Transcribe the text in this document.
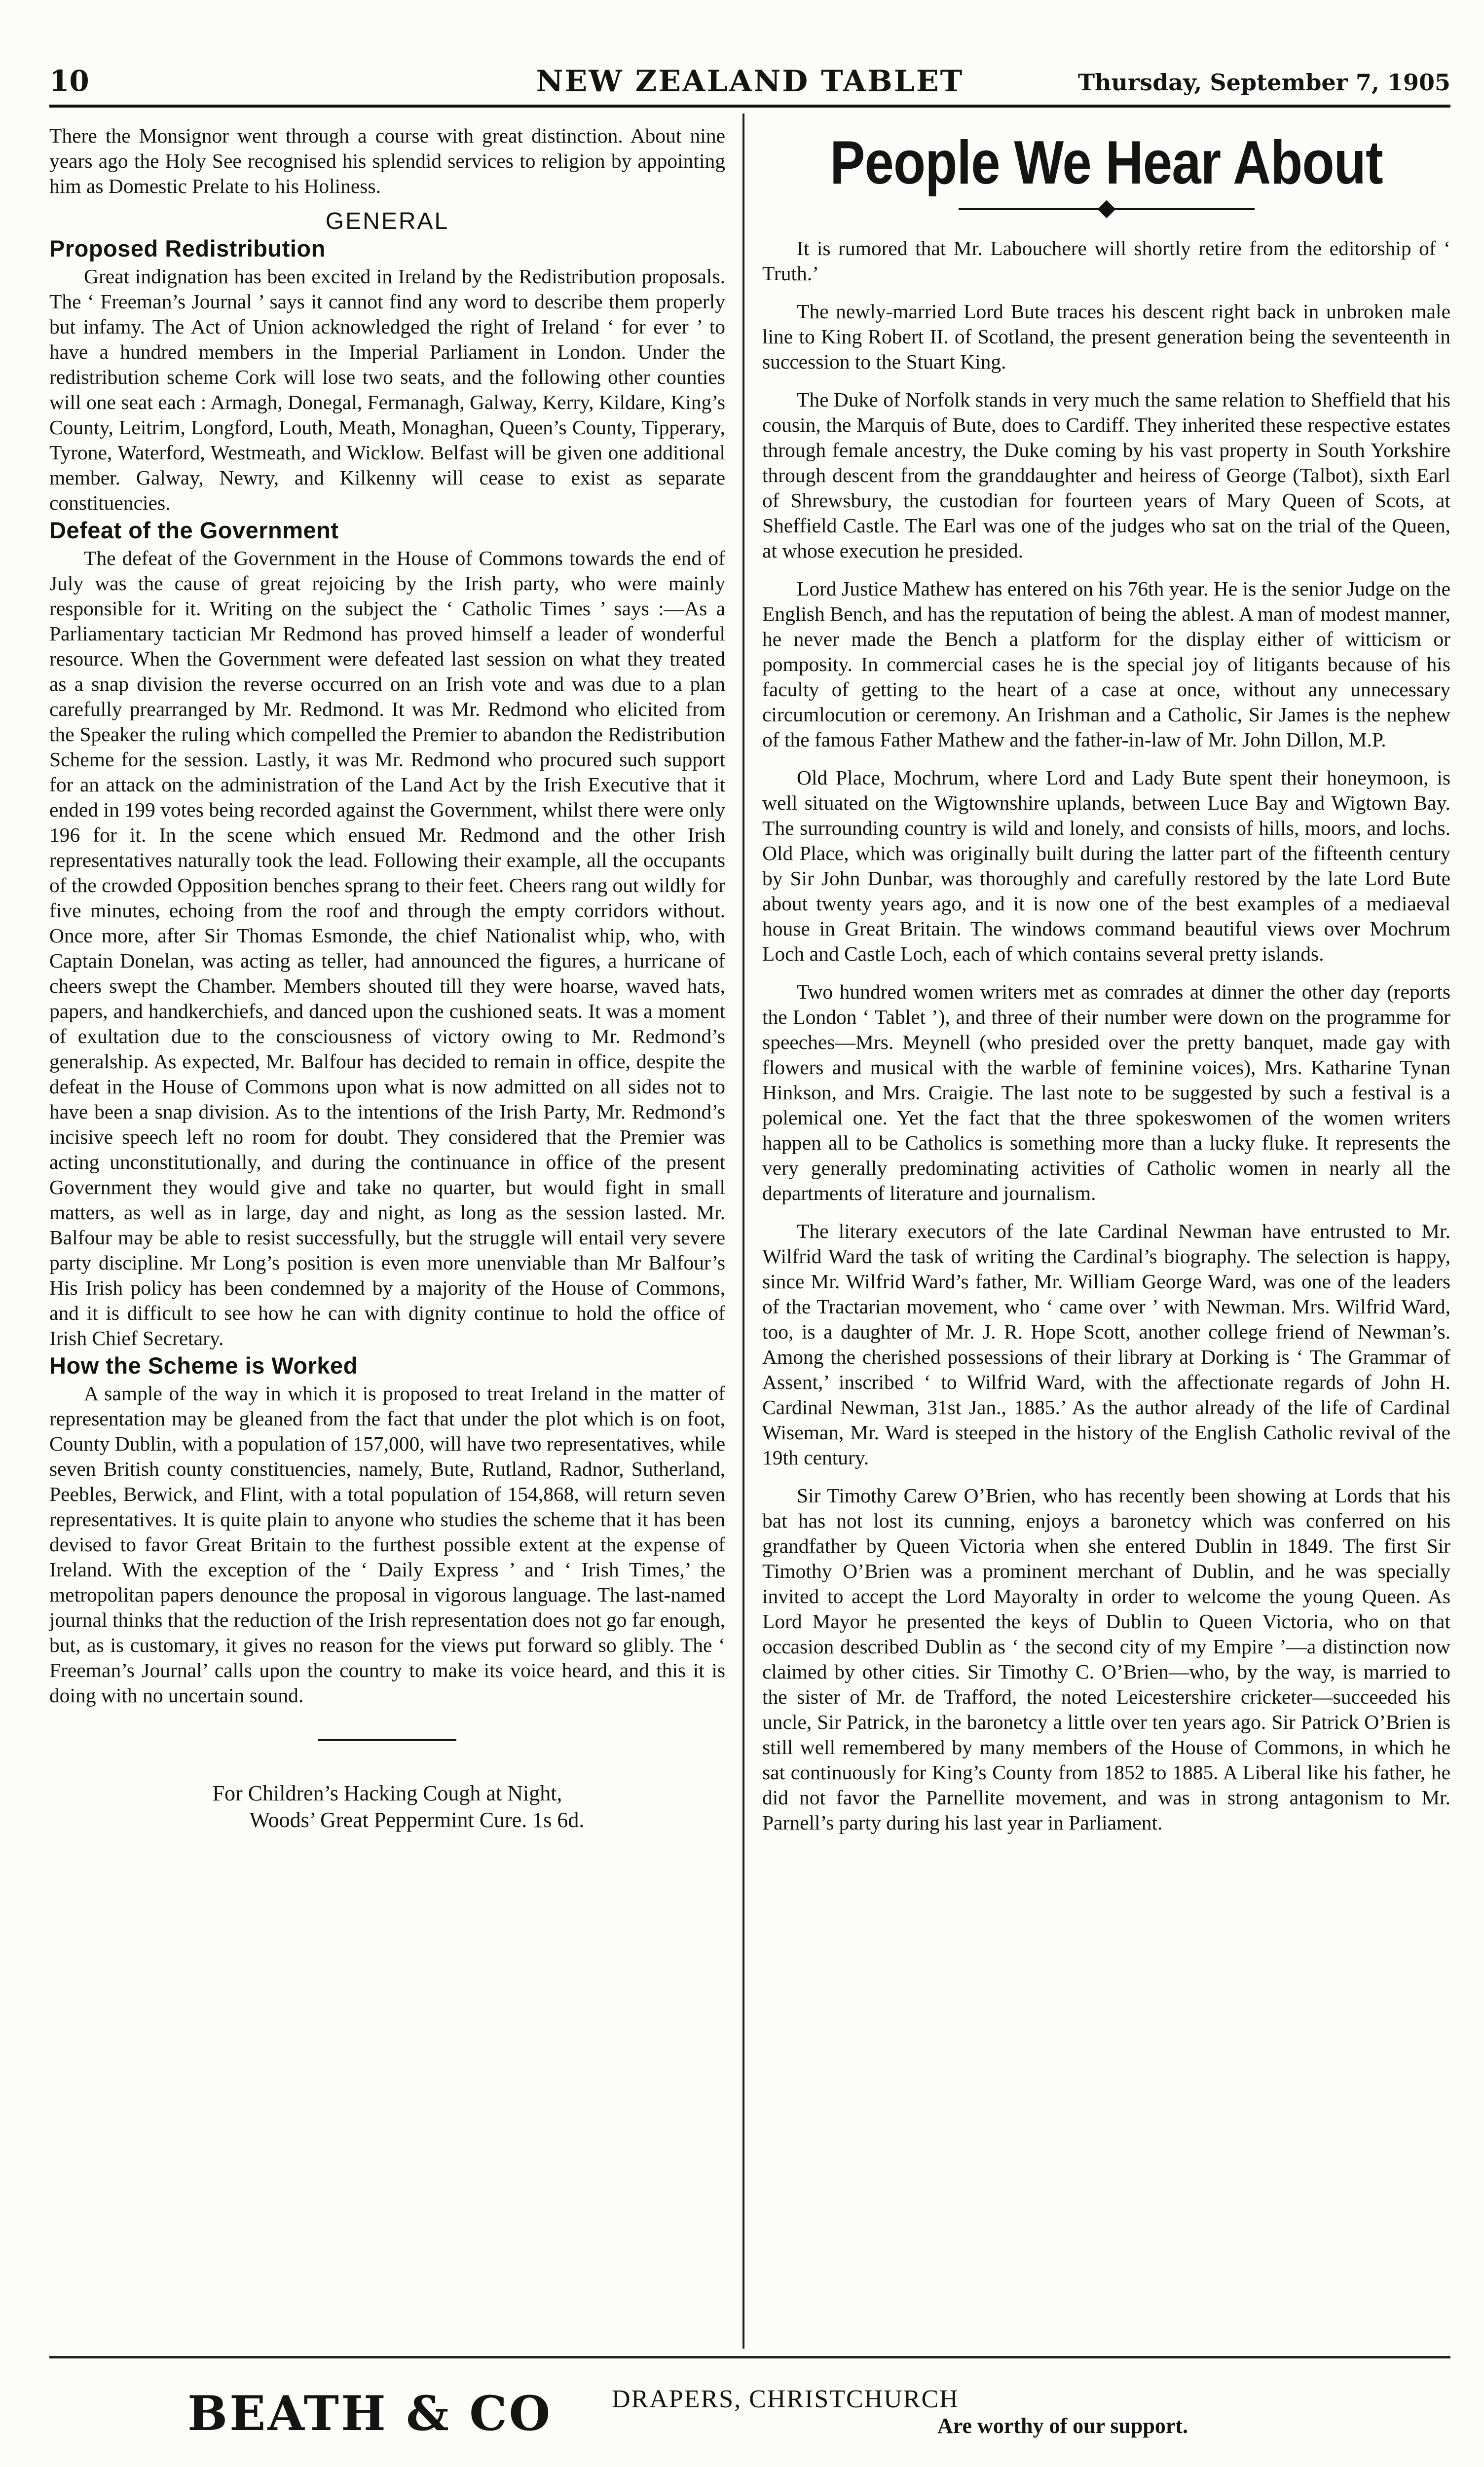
10	NEW ZEALAND TABLET	Thursday, September 7, 1905

There the Monsignor went through a course with great distinction. About nine years ago the Holy See recognised his splendid services to religion by appointing him as Domestic Prelate to his Holiness.

GENERAL
Proposed Redistribution

Great indignation has been excited in Ireland by the Redistribution proposals. The ‘ Freeman’s Journal ’ says it cannot find any word to describe them properly but infamy. The Act of Union acknowledged the right of Ireland ‘ for ever ’ to have a hundred members in the Imperial Parliament in London. Under the redistribution scheme Cork will lose two seats, and the following other counties will one seat each : Armagh, Donegal, Fermanagh, Galway, Kerry, Kildare, King’s County, Leitrim, Longford, Louth, Meath, Monaghan, Queen’s County, Tipperary, Tyrone, Waterford, Westmeath, and Wicklow. Belfast will be given one additional member. Galway, Newry, and Kilkenny will cease to exist as separate constituencies.

Defeat of the Government

The defeat of the Government in the House of Commons towards the end of July was the cause of great rejoicing by the Irish party, who were mainly responsible for it. Writing on the subject the ‘ Catholic Times ’ says :—As a Parliamentary tactician Mr Redmond has proved himself a leader of wonderful resource. When the Government were defeated last session on what they treated as a snap division the reverse occurred on an Irish vote and was due to a plan carefully prearranged by Mr. Redmond. It was Mr. Redmond who elicited from the Speaker the ruling which compelled the Premier to abandon the Redistribution Scheme for the session. Lastly, it was Mr. Redmond who procured such support for an attack on the administration of the Land Act by the Irish Executive that it ended in 199 votes being recorded against the Government, whilst there were only 196 for it. In the scene which ensued Mr. Redmond and the other Irish representatives naturally took the lead. Following their example, all the occupants of the crowded Opposition benches sprang to their feet. Cheers rang out wildly for five minutes, echoing from the roof and through the empty corridors without. Once more, after Sir Thomas Esmonde, the chief Nationalist whip, who, with Captain Donelan, was acting as teller, had announced the figures, a hurricane of cheers swept the Chamber. Members shouted till they were hoarse, waved hats, papers, and handkerchiefs, and danced upon the cushioned seats. It was a moment of exultation due to the consciousness of victory owing to Mr. Redmond’s generalship. As expected, Mr. Balfour has decided to remain in office, despite the defeat in the House of Commons upon what is now admitted on all sides not to have been a snap division. As to the intentions of the Irish Party, Mr. Redmond’s incisive speech left no room for doubt. They considered that the Premier was acting unconstitutionally, and during the continuance in office of the present Government they would give and take no quarter, but would fight in small matters, as well as in large, day and night, as long as the session lasted. Mr. Balfour may be able to resist successfully, but the struggle will entail very severe party discipline. Mr Long’s position is even more unenviable than Mr Balfour’s His Irish policy has been condemned by a majority of the House of Commons, and it is difficult to see how he can with dignity continue to hold the office of Irish Chief Secretary.

How the Scheme is Worked

A sample of the way in which it is proposed to treat Ireland in the matter of representation may be gleaned from the fact that under the plot which is on foot, County Dublin, with a population of 157,000, will have two representatives, while seven British county constituencies, namely, Bute, Rutland, Radnor, Sutherland, Peebles, Berwick, and Flint, with a total population of 154,868, will return seven representatives. It is quite plain to anyone who studies the scheme that it has been devised to favor Great Britain to the furthest possible extent at the expense of Ireland. With the exception of the ‘ Daily Express ’ and ‘ Irish Times,’ the metropolitan papers denounce the proposal in vigorous language. The last-named journal thinks that the reduction of the Irish representation does not go far enough, but, as is customary, it gives no reason for the views put forward so glibly. The ‘ Freeman’s Journal’ calls upon the country to make its voice heard, and this it is doing with no uncertain sound.

For Children’s Hacking Cough at Night,
Woods’ Great Peppermint Cure. 1s 6d.
People We Hear About

It is rumored that Mr. Labouchere will shortly retire from the editorship of ‘ Truth.’

The newly-married Lord Bute traces his descent right back in unbroken male line to King Robert II. of Scotland, the present generation being the seventeenth in succession to the Stuart King.

The Duke of Norfolk stands in very much the same relation to Sheffield that his cousin, the Marquis of Bute, does to Cardiff. They inherited these respective estates through female ancestry, the Duke coming by his vast property in South Yorkshire through descent from the granddaughter and heiress of George (Talbot), sixth Earl of Shrewsbury, the custodian for fourteen years of Mary Queen of Scots, at Sheffield Castle. The Earl was one of the judges who sat on the trial of the Queen, at whose execution he presided.

Lord Justice Mathew has entered on his 76th year. He is the senior Judge on the English Bench, and has the reputation of being the ablest. A man of modest manner, he never made the Bench a platform for the display either of witticism or pomposity. In commercial cases he is the special joy of litigants because of his faculty of getting to the heart of a case at once, without any unnecessary circumlocution or ceremony. An Irishman and a Catholic, Sir James is the nephew of the famous Father Mathew and the father-in-law of Mr. John Dillon, M.P.

Old Place, Mochrum, where Lord and Lady Bute spent their honeymoon, is well situated on the Wigtownshire uplands, between Luce Bay and Wigtown Bay. The surrounding country is wild and lonely, and consists of hills, moors, and lochs. Old Place, which was originally built during the latter part of the fifteenth century by Sir John Dunbar, was thoroughly and carefully restored by the late Lord Bute about twenty years ago, and it is now one of the best examples of a mediaeval house in Great Britain. The windows command beautiful views over Mochrum Loch and Castle Loch, each of which contains several pretty islands.

Two hundred women writers met as comrades at dinner the other day (reports the London ‘ Tablet ’), and three of their number were down on the programme for speeches—Mrs. Meynell (who presided over the pretty banquet, made gay with flowers and musical with the warble of feminine voices), Mrs. Katharine Tynan Hinkson, and Mrs. Craigie. The last note to be suggested by such a festival is a polemical one. Yet the fact that the three spokeswomen of the women writers happen all to be Catholics is something more than a lucky fluke. It represents the very generally predominating activities of Catholic women in nearly all the departments of literature and journalism.

The literary executors of the late Cardinal Newman have entrusted to Mr. Wilfrid Ward the task of writing the Cardinal’s biography. The selection is happy, since Mr. Wilfrid Ward’s father, Mr. William George Ward, was one of the leaders of the Tractarian movement, who ‘ came over ’ with Newman. Mrs. Wilfrid Ward, too, is a daughter of Mr. J. R. Hope Scott, another college friend of Newman’s. Among the cherished possessions of their library at Dorking is ‘ The Grammar of Assent,’ inscribed ‘ to Wilfrid Ward, with the affectionate regards of John H. Cardinal Newman, 31st Jan., 1885.’ As the author already of the life of Cardinal Wiseman, Mr. Ward is steeped in the history of the English Catholic revival of the 19th century.

Sir Timothy Carew O’Brien, who has recently been showing at Lords that his bat has not lost its cunning, enjoys a baronetcy which was conferred on his grandfather by Queen Victoria when she entered Dublin in 1849. The first Sir Timothy O’Brien was a prominent merchant of Dublin, and he was specially invited to accept the Lord Mayoralty in order to welcome the young Queen. As Lord Mayor he presented the keys of Dublin to Queen Victoria, who on that occasion described Dublin as ‘ the second city of my Empire ’—a distinction now claimed by other cities. Sir Timothy C. O’Brien—who, by the way, is married to the sister of Mr. de Trafford, the noted Leicestershire cricketer—succeeded his uncle, Sir Patrick, in the baronetcy a little over ten years ago. Sir Patrick O’Brien is still well remembered by many members of the House of Commons, in which he sat continuously for King’s County from 1852 to 1885. A Liberal like his father, he did not favor the Parnellite movement, and was in strong antagonism to Mr. Parnell’s party during his last year in Parliament.

BEATH & CO DRAPERS, CHRISTCHURCH
Are worthy of our support.
